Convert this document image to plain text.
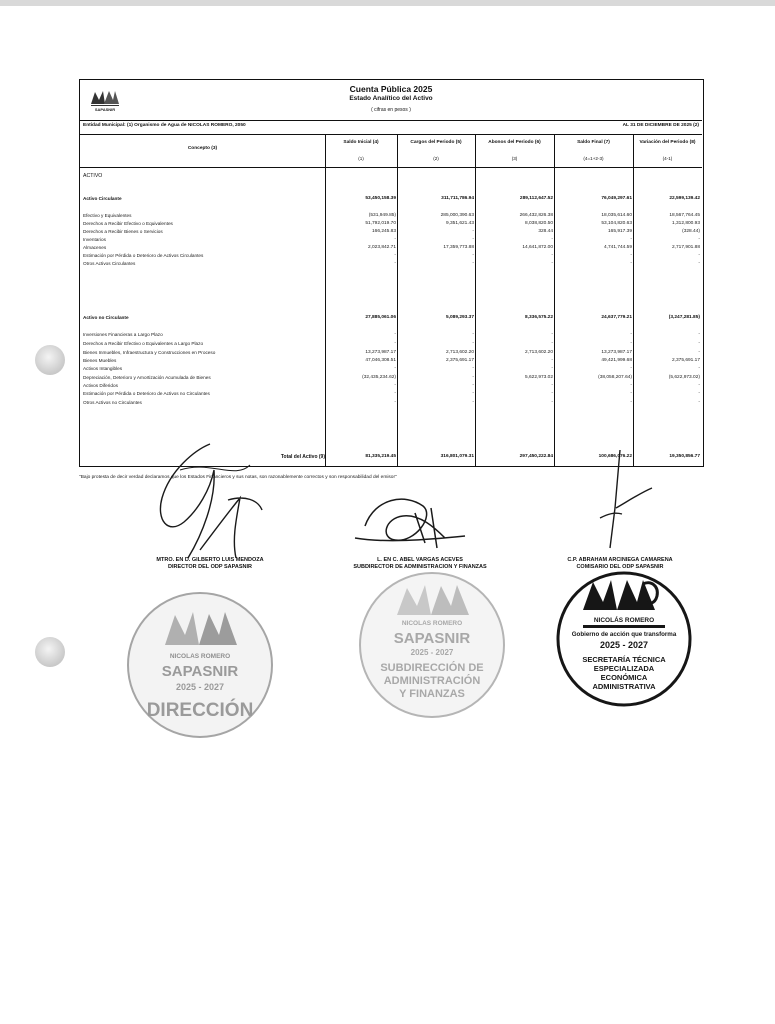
SAPASNIR
Cuenta Pública 2025
Estado Analítico del Activo
( cifras en pesos )
Entidad Municipal: (1) Organismo de Agua de NICOLAS ROMERO, 2050	AL 31 DE DICIEMBRE DE 2025 (2)
Concepto (3)
Saldo Inicial (4)
(1)
Cargos del Periodo (5)
(2)
Abonos del Periodo (6)
(3)
Saldo Final (7)
(4=1+2-3)
Variación del Periodo (8)
(4-1)
ACTIVO
Activo Circulante	53,450,158.39	311,711,786.94	289,112,647.52	76,049,297.61	22,599,139.42
Efectivo y Equivalentes	(531,949.85)	285,000,390.63	266,432,826.38	18,035,614.60	18,567,764.45
Derechos a Recibir Efectivo o Equivalentes	51,792,019.70	9,351,621.43	8,038,820.50	53,104,820.63	1,312,800.93
Derechos a Recibir Bienes o Servicios	166,245.83	-	328.44	165,917.39	(328.44)
Inventarios	-	-	-	-	-
Almacenes	2,023,842.71	17,359,773.88	14,641,872.00	4,741,744.59	2,717,901.88
Estimación por Pérdida o Deterioro de Activos Circulantes	-	-	-	-	-
Otros Activos Circulantes	-	-	-	-	-
Activo no Circulante	27,885,061.06	5,089,293.37	8,336,575.22	24,637,779.21	(3,247,281.85)
Inversiones Financieras a Largo Plazo	-	-	-	-	-
Derechos a Recibir Efectivo o Equivalentes a Largo Plazo	-	-	-	-	-
Bienes Inmuebles, Infraestructura y Construcciones en Proceso	13,273,987.17	2,713,602.20	2,713,602.20	13,273,987.17	-
Bienes Muebles	47,046,308.51	2,375,691.17	-	49,421,999.68	2,375,691.17
Activos Intangibles	-	-	-	-	-
Depreciación, Deterioro y Amortización Acumulada de Bienes	(32,435,234.62)	-	5,622,973.02	(38,058,207.64)	(5,622,973.02)
Activos Diferidos	-	-	-	-	-
Estimación por Pérdida o Deterioro de Activos no Circulantes	-	-	-	-	-
Otros Activos no Circulantes	-	-	-	-	-
Total del Activo (9)	81,335,219.45	316,801,079.31	297,450,222.84	100,686,076.22	19,350,856.77
"Bajo protesta de decir verdad declaramos que los Estados Financieros y sus notas, son razonablemente correctos y son responsabilidad del emisor"
MTRO. EN D. GILBERTO LUIS MENDOZA
DIRECTOR DEL ODP SAPASNIR
L. EN C. ABEL VARGAS ACEVES
SUBDIRECTOR DE ADMINISTRACION Y FINANZAS
C.P. ABRAHAM ARCINIEGA CAMARENA
COMISARIO DEL ODP SAPASNIR
NICOLAS ROMERO
SAPASNIR
2025 - 2027
DIRECCIÓN
NICOLAS ROMERO
SAPASNIR
2025 - 2027
SUBDIRECCIÓN DE
ADMINISTRACIÓN
Y FINANZAS
NICOLÁS ROMERO
Gobierno de acción que transforma
2025 - 2027
SECRETARÍA TÉCNICA
ESPECIALIZADA
ECONÓMICA
ADMINISTRATIVA
